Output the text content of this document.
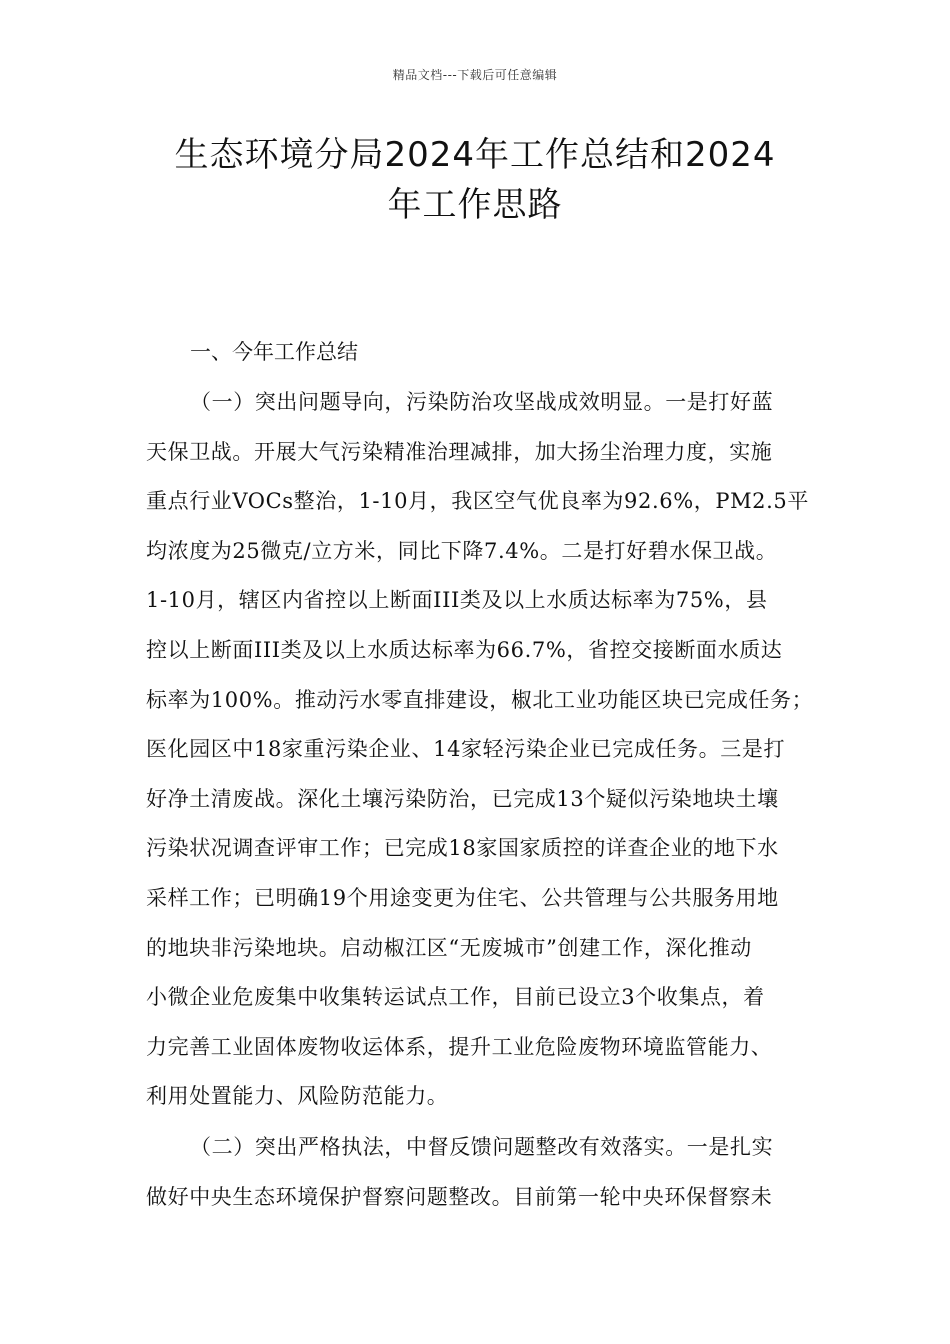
精品文档---下载后可任意编辑
生态环境分局2024年工作总结和2024
年工作思路
一、今年工作总结
（一）突出问题导向，污染防治攻坚战成效明显。一是打好蓝
天保卫战。开展大气污染精准治理减排，加大扬尘治理力度，实施
重点行业VOCs整治，1-10月，我区空气优良率为92.6%，PM2.5平
均浓度为25微克/立方米，同比下降7.4%。二是打好碧水保卫战。
1-10月，辖区内省控以上断面III类及以上水质达标率为75%，县
控以上断面III类及以上水质达标率为66.7%，省控交接断面水质达
标率为100%。推动污水零直排建设，椒北工业功能区块已完成任务；
医化园区中18家重污染企业、14家轻污染企业已完成任务。三是打
好净土清废战。深化土壤污染防治，已完成13个疑似污染地块土壤
污染状况调查评审工作；已完成18家国家质控的详查企业的地下水
采样工作；已明确19个用途变更为住宅、公共管理与公共服务用地
的地块非污染地块。启动椒江区“无废城市”创建工作，深化推动
小微企业危废集中收集转运试点工作，目前已设立3个收集点，着
力完善工业固体废物收运体系，提升工业危险废物环境监管能力、
利用处置能力、风险防范能力。
（二）突出严格执法，中督反馈问题整改有效落实。一是扎实
做好中央生态环境保护督察问题整改。目前第一轮中央环保督察未
